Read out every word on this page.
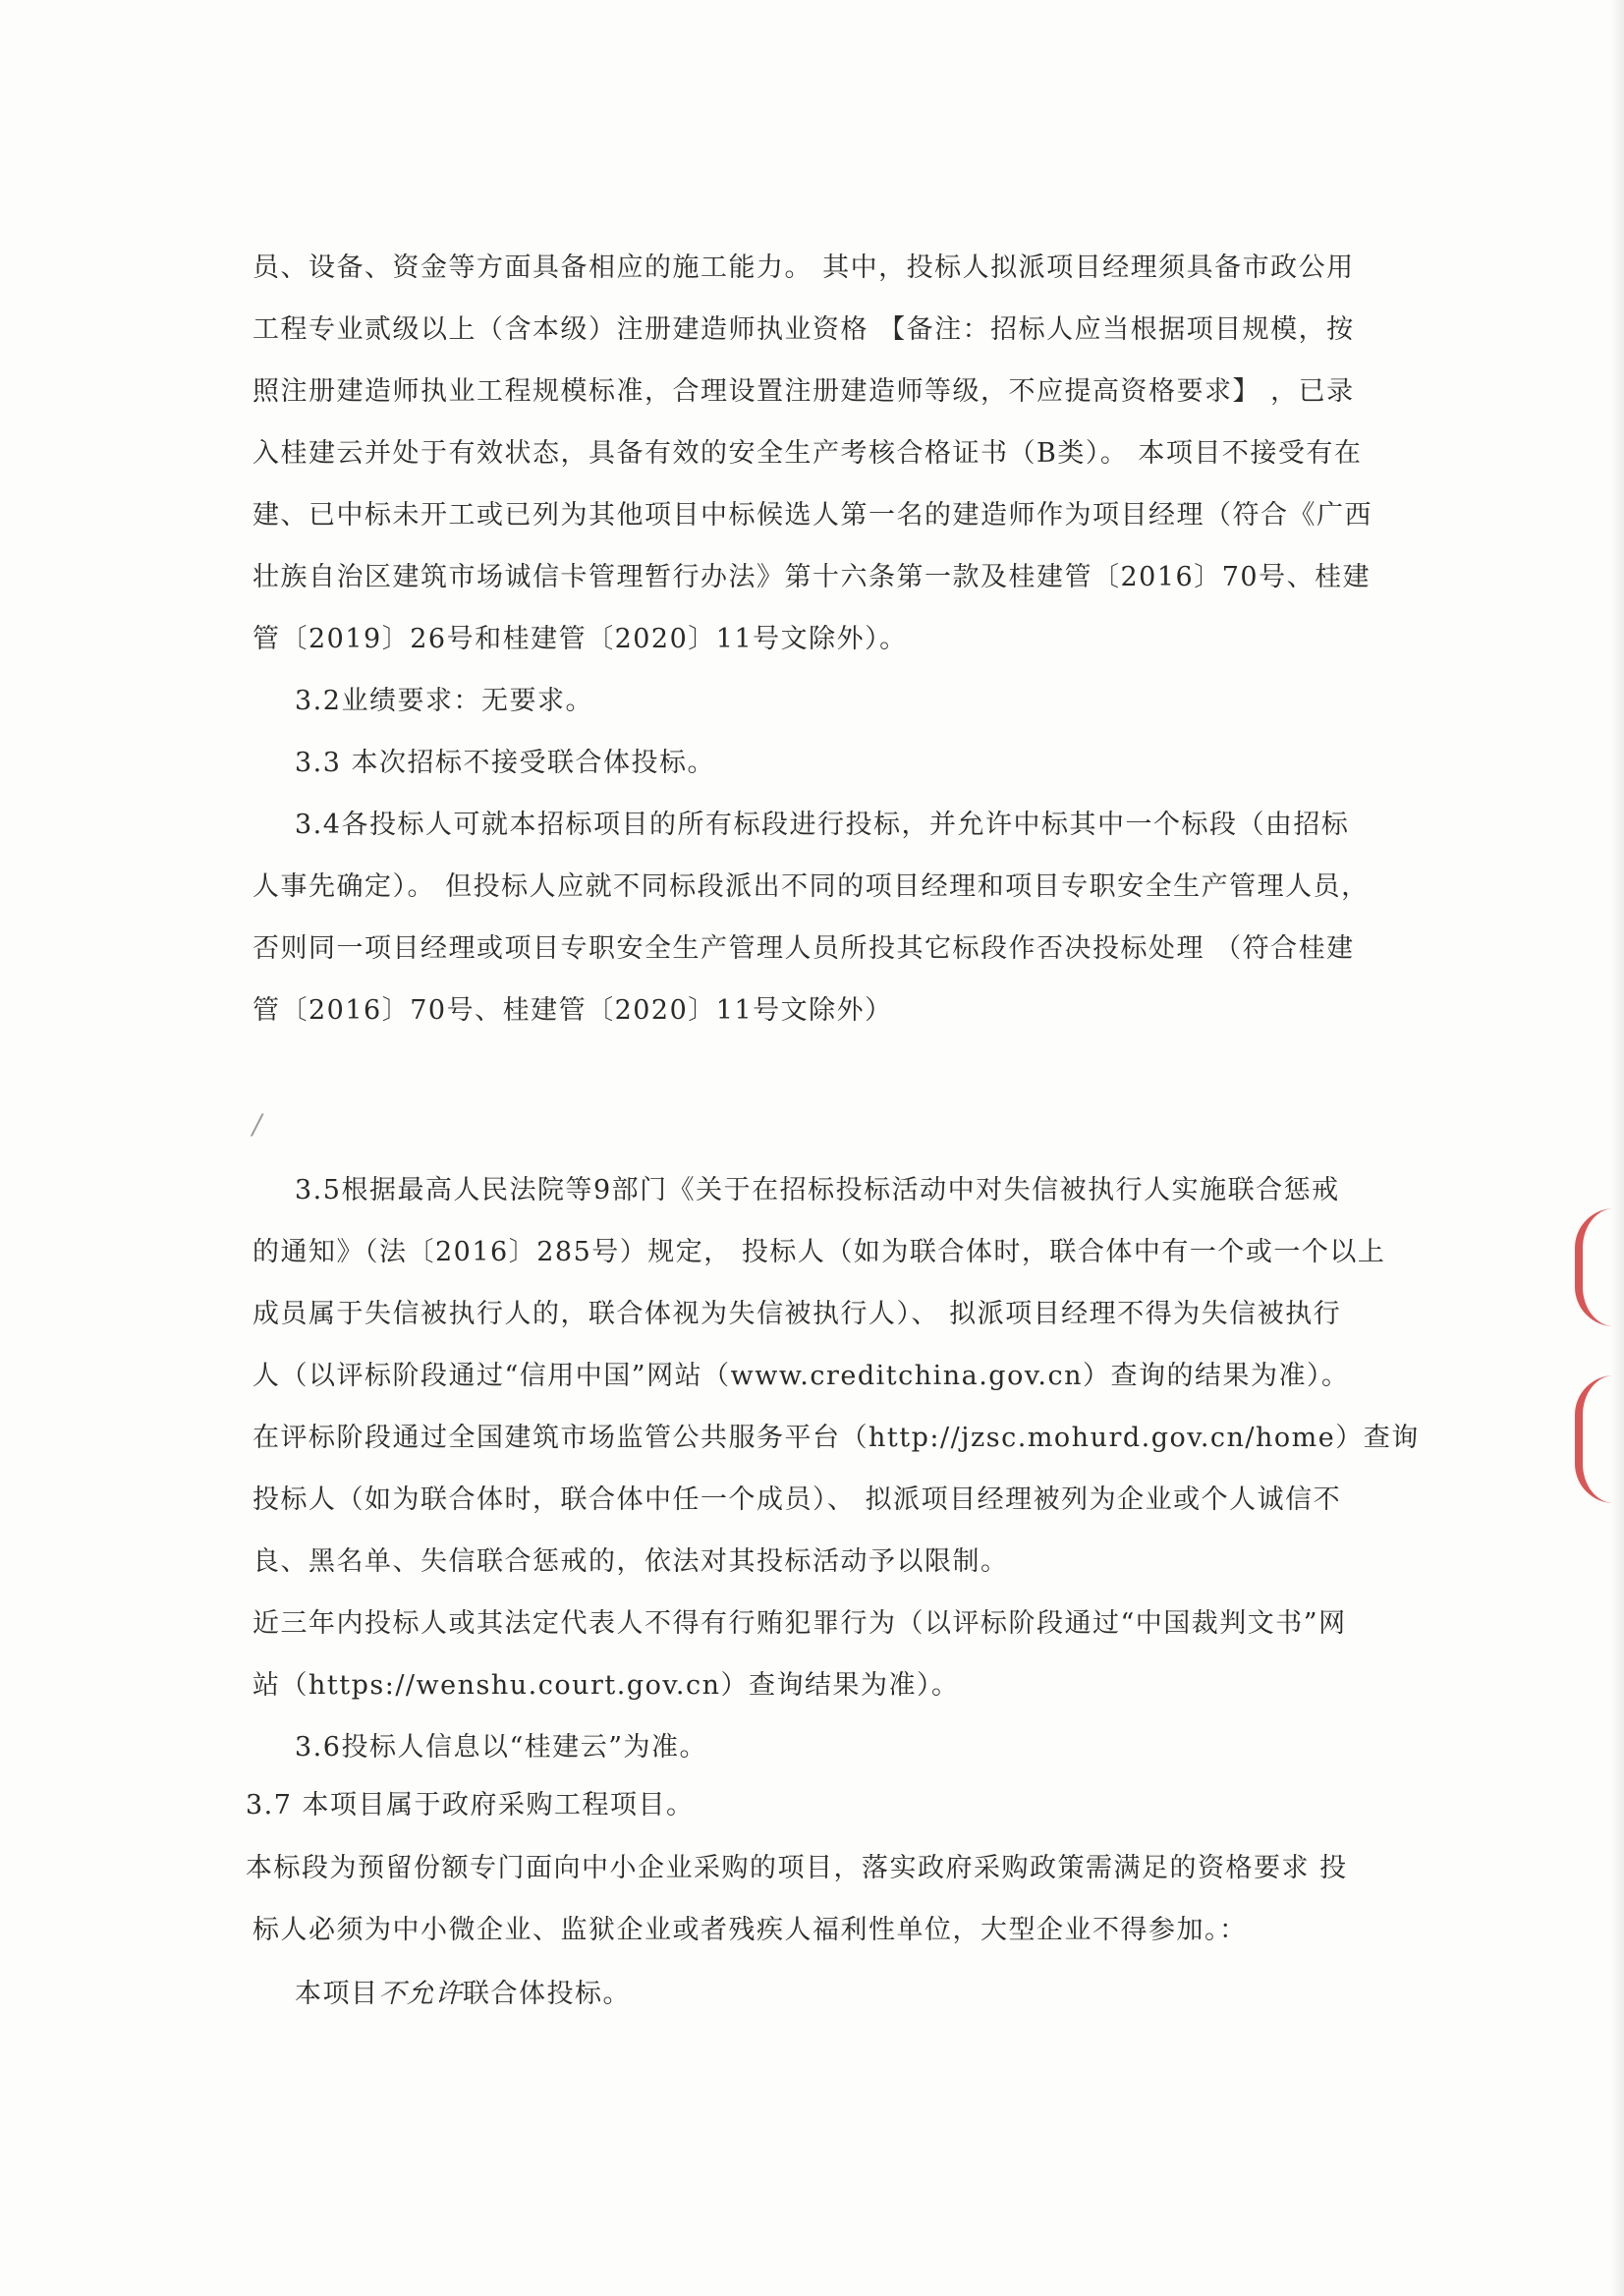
员、设备、资金等方面具备相应的施工能力。 其中，投标人拟派项目经理须具备市政公用
工程专业贰级以上（含本级）注册建造师执业资格 【备注：招标人应当根据项目规模，按
照注册建造师执业工程规模标准，合理设置注册建造师等级，不应提高资格要求】 ，已录
入桂建云并处于有效状态，具备有效的安全生产考核合格证书（B类）。 本项目不接受有在
建、已中标未开工或已列为其他项目中标候选人第一名的建造师作为项目经理（符合《广西
壮族自治区建筑市场诚信卡管理暂行办法》第十六条第一款及桂建管〔2016〕70号、桂建
管〔2019〕26号和桂建管〔2020〕11号文除外）。
3.2业绩要求：无要求。
3.3 本次招标不接受联合体投标。
3.4各投标人可就本招标项目的所有标段进行投标，并允许中标其中一个标段（由招标
人事先确定）。 但投标人应就不同标段派出不同的项目经理和项目专职安全生产管理人员，
否则同一项目经理或项目专职安全生产管理人员所投其它标段作否决投标处理 （符合桂建
管〔2016〕70号、桂建管〔2020〕11号文除外）
/
3.5根据最高人民法院等9部门《关于在招标投标活动中对失信被执行人实施联合惩戒
的通知》（法〔2016〕285号）规定， 投标人（如为联合体时，联合体中有一个或一个以上
成员属于失信被执行人的，联合体视为失信被执行人）、 拟派项目经理不得为失信被执行
人（以评标阶段通过“信用中国”网站（www.creditchina.gov.cn）查询的结果为准）。
在评标阶段通过全国建筑市场监管公共服务平台（http://jzsc.mohurd.gov.cn/home）查询
投标人（如为联合体时，联合体中任一个成员）、 拟派项目经理被列为企业或个人诚信不
良、黑名单、失信联合惩戒的，依法对其投标活动予以限制。
近三年内投标人或其法定代表人不得有行贿犯罪行为（以评标阶段通过“中国裁判文书”网
站（https://wenshu.court.gov.cn）查询结果为准）。
3.6投标人信息以“桂建云”为准。
3.7 本项目属于政府采购工程项目。
本标段为预留份额专门面向中小企业采购的项目，落实政府采购政策需满足的资格要求 投
标人必须为中小微企业、监狱企业或者残疾人福利性单位，大型企业不得参加。：
本项目不允许联合体投标。
